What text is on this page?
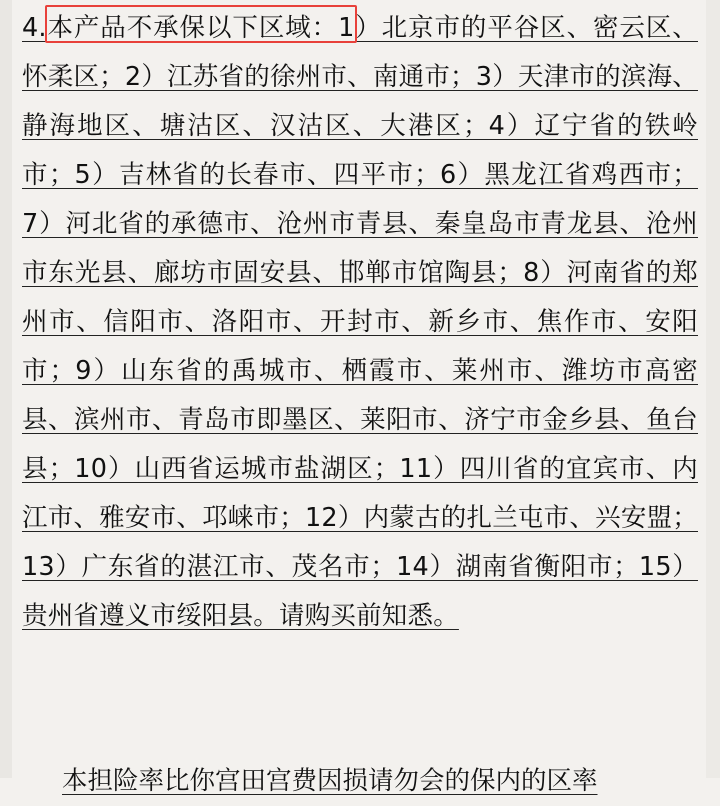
4.本产品不承保以下区域：1）北京市的平谷区、密云区、怀柔区；2）江苏省的徐州市、南通市；3）天津市的滨海、静海地区、塘沽区、汉沽区、大港区；4）辽宁省的铁岭市；5）吉林省的长春市、四平市；6）黑龙江省鸡西市；7）河北省的承德市、沧州市青县、秦皇岛市青龙县、沧州市东光县、廊坊市固安县、邯郸市馆陶县；8）河南省的郑州市、信阳市、洛阳市、开封市、新乡市、焦作市、安阳市；9）山东省的禹城市、栖霞市、莱州市、潍坊市高密县、滨州市、青岛市即墨区、莱阳市、济宁市金乡县、鱼台县；10）山西省运城市盐湖区；11）四川省的宜宾市、内江市、雅安市、邛崃市；12）内蒙古的扎兰屯市、兴安盟；13）广东省的湛江市、茂名市；14）湖南省衡阳市；15）贵州省遵义市绥阳县。请购买前知悉。

本担险率比你宫田宫费因损请勿会的保内的区率
